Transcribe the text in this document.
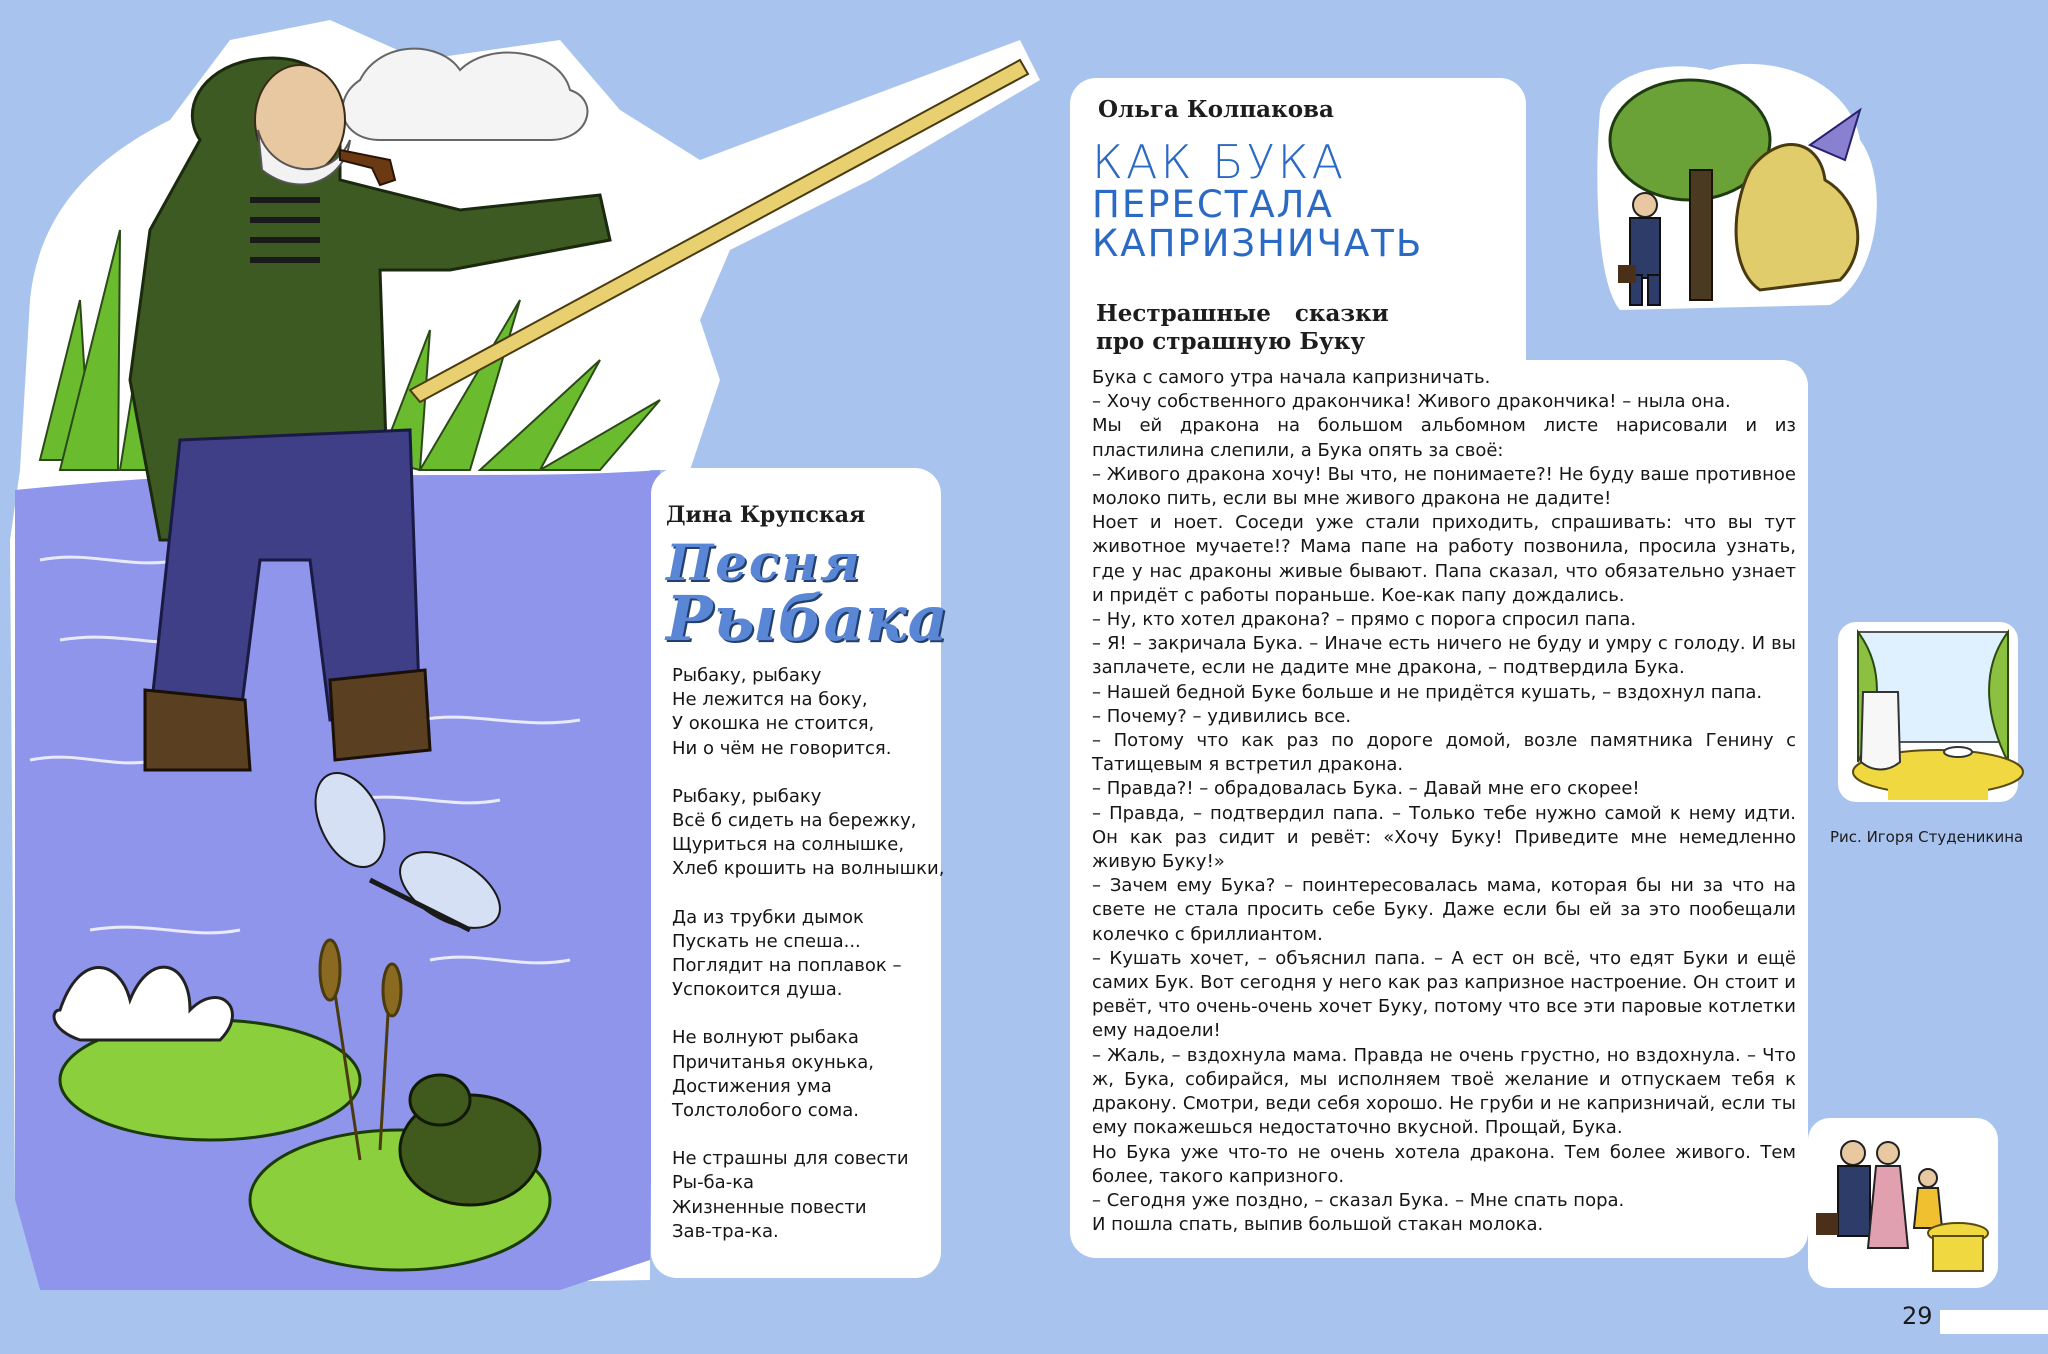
Дина Крупская
Песня
Рыбака
Рыбаку, рыбаку
Не лежится на боку,
У окошка не стоится,
Ни о чём не говорится.
Рыбаку, рыбаку
Всё б сидеть на бережку,
Щуриться на солнышке,
Хлеб крошить на волнышки,
Да из трубки дымок
Пускать не спеша...
Поглядит на поплавок –
Успокоится душа.
Не волнуют рыбака
Причитанья окунька,
Достижения ума
Толстолобого сома.
Не страшны для совести
Ры-ба-ка
Жизненные повести
Зав-тра-ка.
Ольга Колпакова
КАК БУКА
ПЕРЕСТАЛА
КАПРИЗНИЧАТЬ
Нестрашные   сказки
про страшную Буку

Бука с самого утра начала капризничать.

– Хочу собственного дракончика! Живого дракончика! – ныла она.

Мы ей дракона на большом альбомном листе нарисовали и из пластилина слепили, а Бука опять за своё:

– Живого дракона хочу! Вы что, не понимаете?! Не буду ваше противное молоко пить, если вы мне живого дракона не дадите!

Ноет и ноет. Соседи уже стали приходить, спрашивать: что вы тут животное мучаете!? Мама папе на работу позвонила, просила узнать, где у нас драконы живые бывают. Папа сказал, что обязательно узнает и придёт с работы пораньше. Кое-как папу дождались.

– Ну, кто хотел дракона? – прямо с порога спросил папа.

– Я! – закричала Бука. – Иначе есть ничего не буду и умру с голоду. И вы заплачете, если не дадите мне дракона, – подтвердила Бука.

– Нашей бедной Буке больше и не придётся кушать, – вздохнул папа.

– Почему? – удивились все.

– Потому что как раз по дороге домой, возле памятника Генину с Татищевым я встретил дракона.

– Правда?! – обрадовалась Бука. – Давай мне его скорее!

– Правда, – подтвердил папа. – Только тебе нужно самой к нему идти. Он как раз сидит и ревёт: «Хочу Буку! Приведите мне немедленно живую Буку!»

– Зачем ему Бука? – поинтересовалась мама, которая бы ни за что на свете не стала просить себе Буку. Даже если бы ей за это пообещали колечко с бриллиантом.

– Кушать хочет, – объяснил папа. – А ест он всё, что едят Буки и ещё самих Бук. Вот сегодня у него как раз капризное настроение. Он стоит и ревёт, что очень-очень хочет Буку, потому что все эти паровые котлетки ему надоели!

– Жаль, – вздохнула мама. Правда не очень грустно, но вздохнула. – Что ж, Бука, собирайся, мы исполняем твоё желание и отпускаем тебя к дракону. Смотри, веди себя хорошо. Не груби и не капризничай, если ты ему покажешься недостаточно вкусной. Прощай, Бука.

Но Бука уже что-то не очень хотела дракона. Тем более живого. Тем более, такого капризного.

– Сегодня уже поздно, – сказал Бука. – Мне спать пора.

И пошла спать, выпив большой стакан молока.

Рис. Игоря Студеникина
29
